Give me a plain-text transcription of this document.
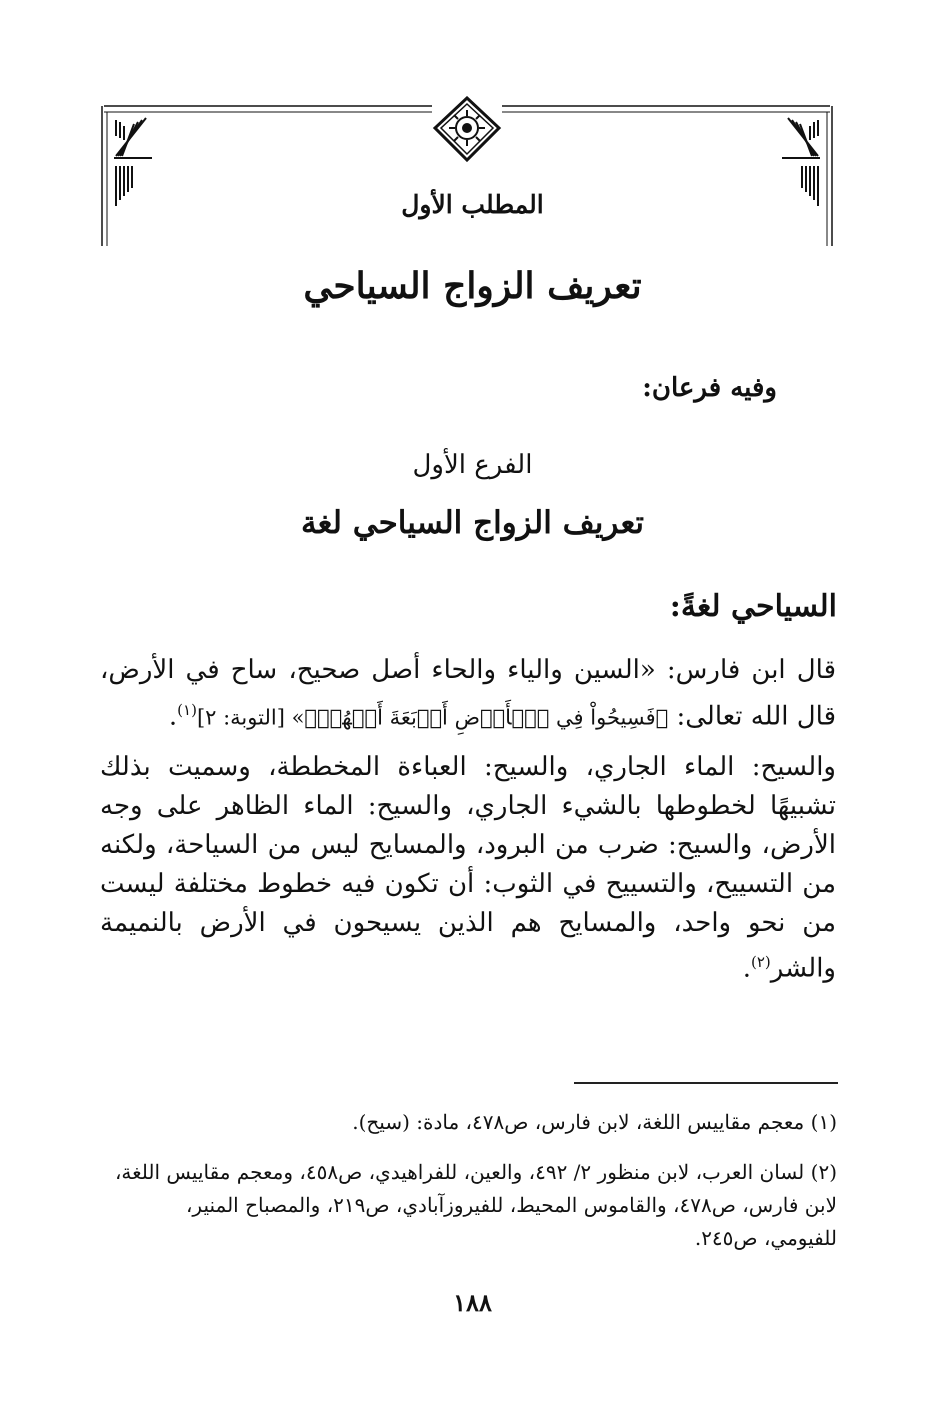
المطلب الأول
تعريف الزواج السياحي
وفيه فرعان:
الفرع الأول
تعريف الزواج السياحي لغة
السياحي لغةً:
قال ابن فارس: «السين والياء والحاء أصل صحيح، ساح في الأرض، قال الله تعالى: ﴿فَسِيحُواْ فِي ٱلۡأَرۡضِ أَرۡبَعَةَ أَشۡهُرٖ﴾» [التوبة: ٢]$^{(١)}$.
والسيح: الماء الجاري، والسيح: العباءة المخططة، وسميت بذلك تشبيهًا لخطوطها بالشيء الجاري، والسيح: الماء الظاهر على وجه الأرض، والسيح: ضرب من البرود، والمسايح ليس من السياحة، ولكنه من التسييح، والتسييح في الثوب: أن تكون فيه خطوط مختلفة ليست من نحو واحد، والمسايح هم الذين يسيحون في الأرض بالنميمة والشر$^{(٢)}$.
(١) معجم مقاييس اللغة، لابن فارس، ص٤٧٨، مادة: (سيح).
(٢) لسان العرب، لابن منظور ٢/ ٤٩٢، والعين، للفراهيدي، ص٤٥٨، ومعجم مقاييس اللغة، لابن فارس، ص٤٧٨، والقاموس المحيط، للفيروزآبادي، ص٢١٩، والمصباح المنير، للفيومي، ص٢٤٥.
١٨٨
